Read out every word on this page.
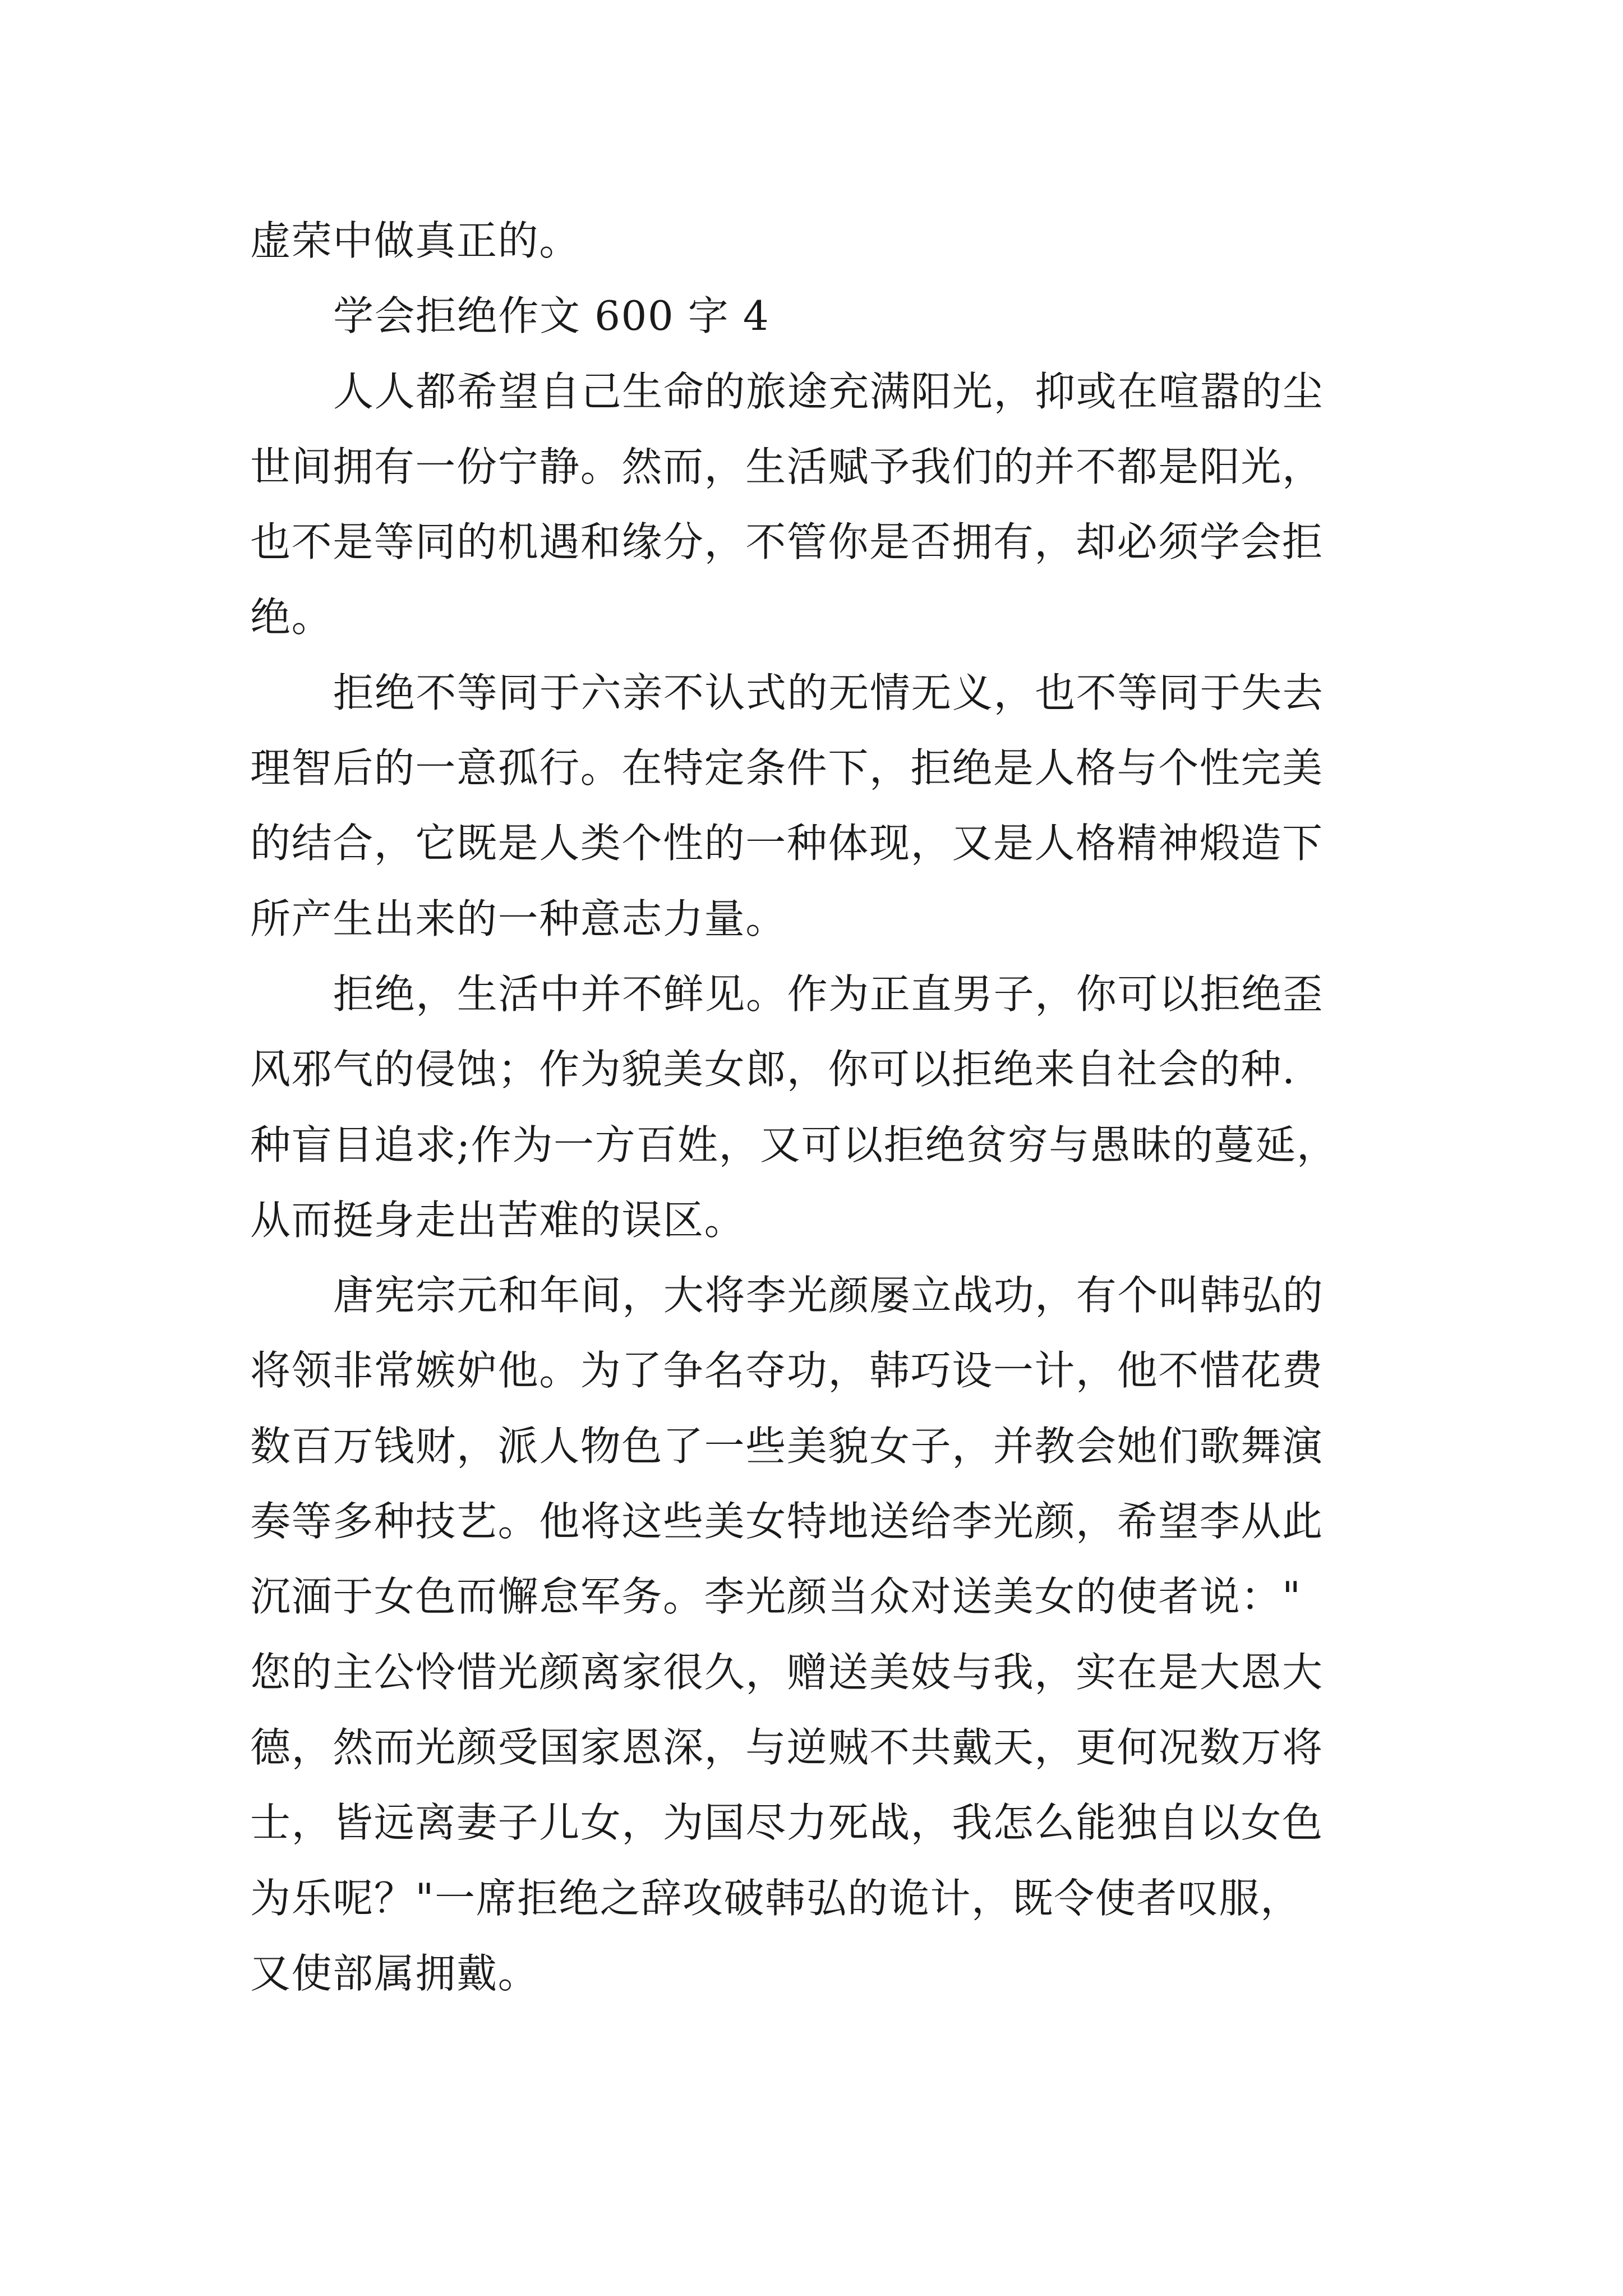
虚荣中做真正的。

学会拒绝作文 600 字 4

人人都希望自己生命的旅途充满阳光，抑或在喧嚣的尘
世间拥有一份宁静。然而，生活赋予我们的并不都是阳光，
也不是等同的机遇和缘分，不管你是否拥有，却必须学会拒
绝。

拒绝不等同于六亲不认式的无情无义，也不等同于失去
理智后的一意孤行。在特定条件下，拒绝是人格与个性完美
的结合，它既是人类个性的一种体现，又是人格精神煅造下
所产生出来的一种意志力量。

拒绝，生活中并不鲜见。作为正直男子，你可以拒绝歪
风邪气的侵蚀；作为貌美女郎，你可以拒绝来自社会的种.
种盲目追求;作为一方百姓，又可以拒绝贫穷与愚昧的蔓延，
从而挺身走出苦难的误区。

唐宪宗元和年间，大将李光颜屡立战功，有个叫韩弘的
将领非常嫉妒他。为了争名夺功，韩巧设一计，他不惜花费
数百万钱财，派人物色了一些美貌女子，并教会她们歌舞演
奏等多种技艺。他将这些美女特地送给李光颜，希望李从此
沉湎于女色而懈怠军务。李光颜当众对送美女的使者说："
您的主公怜惜光颜离家很久，赠送美妓与我，实在是大恩大
德，然而光颜受国家恩深，与逆贼不共戴天，更何况数万将
士，皆远离妻子儿女，为国尽力死战，我怎么能独自以女色
为乐呢？"一席拒绝之辞攻破韩弘的诡计，既令使者叹服，
又使部属拥戴。
